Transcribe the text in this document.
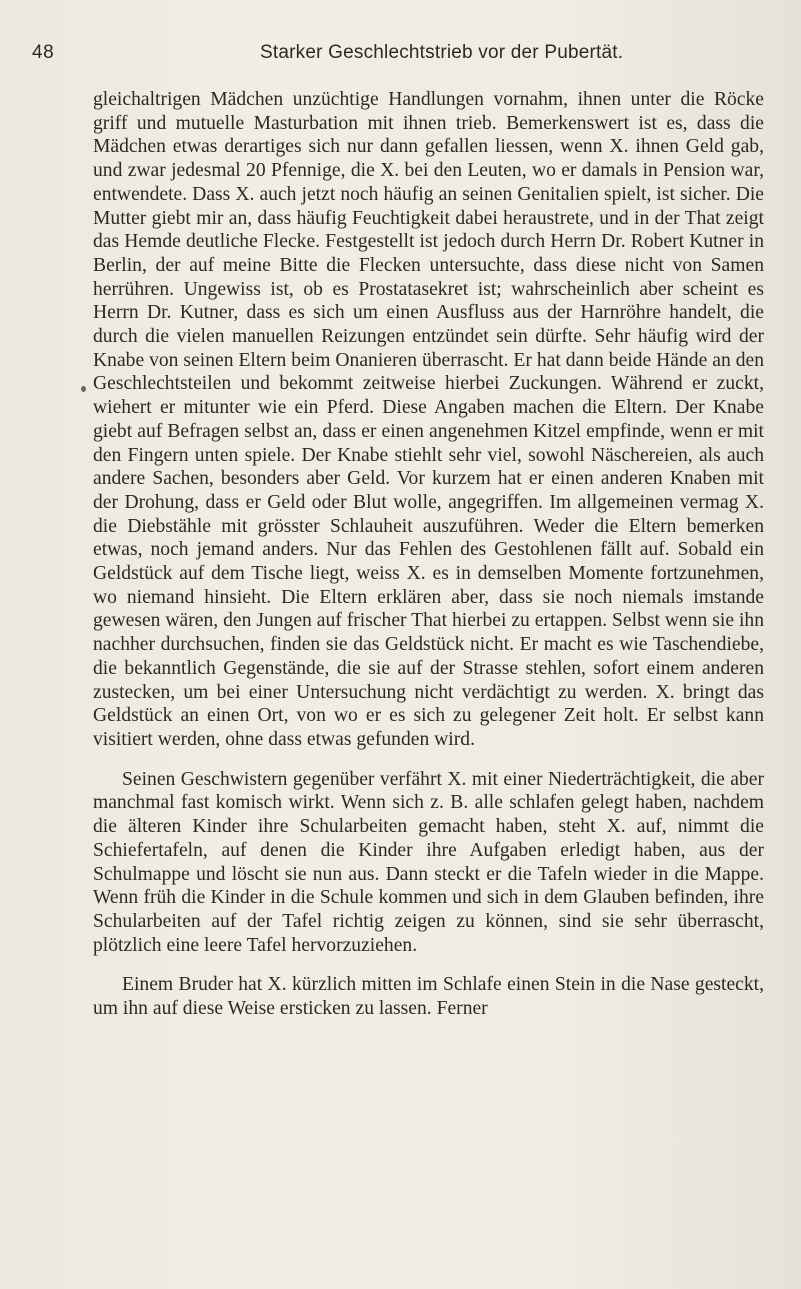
48	Starker Geschlechtstrieb vor der Pubertät.

gleichaltrigen Mädchen unzüchtige Handlungen vornahm, ihnen unter die Röcke griff und mutuelle Masturbation mit ihnen trieb. Bemerkenswert ist es, dass die Mädchen etwas derartiges sich nur dann gefallen liessen, wenn X. ihnen Geld gab, und zwar jedesmal 20 Pfennige, die X. bei den Leuten, wo er damals in Pension war, entwendete. Dass X. auch jetzt noch häufig an seinen Genitalien spielt, ist sicher. Die Mutter giebt mir an, dass häufig Feuchtigkeit dabei heraustrete, und in der That zeigt das Hemde deutliche Flecke. Festgestellt ist jedoch durch Herrn Dr. Robert Kutner in Berlin, der auf meine Bitte die Flecken untersuchte, dass diese nicht von Samen herrühren. Ungewiss ist, ob es Prostatasekret ist; wahrscheinlich aber scheint es Herrn Dr. Kutner, dass es sich um einen Ausfluss aus der Harnröhre handelt, die durch die vielen manuellen Reizungen entzündet sein dürfte. Sehr häufig wird der Knabe von seinen Eltern beim Onanieren überrascht. Er hat dann beide Hände an den Geschlechtsteilen und bekommt zeitweise hierbei Zuckungen. Während er zuckt, wiehert er mitunter wie ein Pferd. Diese Angaben machen die Eltern. Der Knabe giebt auf Befragen selbst an, dass er einen angenehmen Kitzel empfinde, wenn er mit den Fingern unten spiele. Der Knabe stiehlt sehr viel, sowohl Näschereien, als auch andere Sachen, besonders aber Geld. Vor kurzem hat er einen anderen Knaben mit der Drohung, dass er Geld oder Blut wolle, angegriffen. Im allgemeinen vermag X. die Diebstähle mit grösster Schlauheit auszuführen. Weder die Eltern bemerken etwas, noch jemand anders. Nur das Fehlen des Gestohlenen fällt auf. Sobald ein Geldstück auf dem Tische liegt, weiss X. es in demselben Momente fortzunehmen, wo niemand hinsieht. Die Eltern erklären aber, dass sie noch niemals imstande gewesen wären, den Jungen auf frischer That hierbei zu ertappen. Selbst wenn sie ihn nachher durchsuchen, finden sie das Geldstück nicht. Er macht es wie Taschendiebe, die bekanntlich Gegenstände, die sie auf der Strasse stehlen, sofort einem anderen zustecken, um bei einer Untersuchung nicht verdächtigt zu werden. X. bringt das Geldstück an einen Ort, von wo er es sich zu gelegener Zeit holt. Er selbst kann visitiert werden, ohne dass etwas gefunden wird.

Seinen Geschwistern gegenüber verfährt X. mit einer Niederträchtigkeit, die aber manchmal fast komisch wirkt. Wenn sich z. B. alle schlafen gelegt haben, nachdem die älteren Kinder ihre Schularbeiten gemacht haben, steht X. auf, nimmt die Schiefertafeln, auf denen die Kinder ihre Aufgaben erledigt haben, aus der Schulmappe und löscht sie nun aus. Dann steckt er die Tafeln wieder in die Mappe. Wenn früh die Kinder in die Schule kommen und sich in dem Glauben befinden, ihre Schularbeiten auf der Tafel richtig zeigen zu können, sind sie sehr überrascht, plötzlich eine leere Tafel hervorzuziehen.

Einem Bruder hat X. kürzlich mitten im Schlafe einen Stein in die Nase gesteckt, um ihn auf diese Weise ersticken zu lassen. Ferner
